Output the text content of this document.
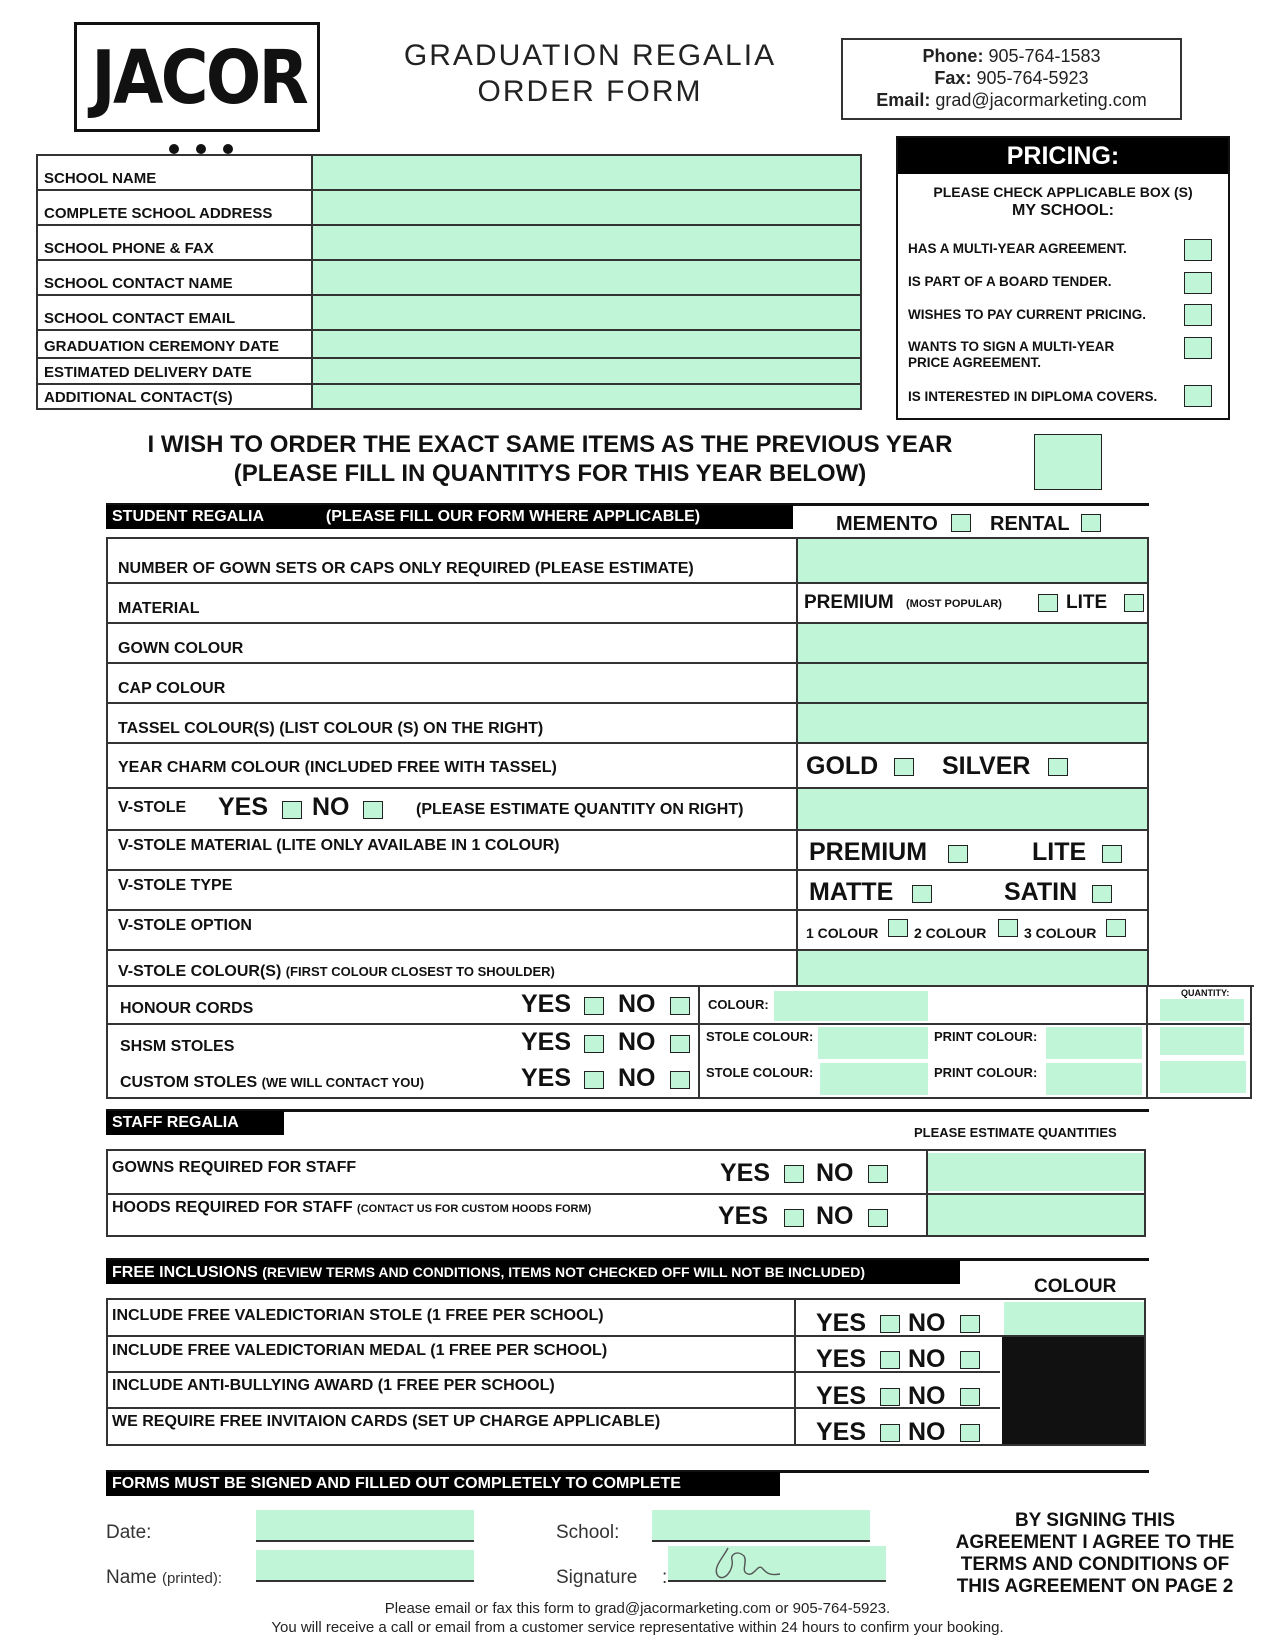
JACOR	GRADUATION REGALIA
ORDER FORM
Phone: 905-764-1583
Fax: 905-764-5923
Email: grad@jacormarketing.com
SCHOOL NAME
COMPLETE SCHOOL ADDRESS
SCHOOL PHONE & FAX
SCHOOL CONTACT NAME
SCHOOL CONTACT EMAIL
GRADUATION CEREMONY DATE
ESTIMATED DELIVERY DATE
ADDITIONAL CONTACT(S)
PRICING:
PLEASE CHECK APPLICABLE BOX (S)
MY SCHOOL:
HAS A MULTI-YEAR AGREEMENT.
IS PART OF A BOARD TENDER.
WISHES TO PAY CURRENT PRICING.
WANTS TO SIGN A MULTI-YEAR PRICE AGREEMENT.
IS INTERESTED IN DIPLOMA COVERS.
I WISH TO ORDER THE EXACT SAME ITEMS AS THE PREVIOUS YEAR
(PLEASE FILL IN QUANTITYS FOR THIS YEAR BELOW)
STUDENT REGALIA	(PLEASE FILL OUR FORM WHERE APPLICABLE)	MEMENTO	RENTAL
NUMBER OF GOWN SETS OR CAPS ONLY REQUIRED (PLEASE ESTIMATE)
MATERIAL	PREMIUM (MOST POPULAR)	LITE
GOWN COLOUR
CAP COLOUR
TASSEL COLOUR(S) (LIST COLOUR (S) ON THE RIGHT)
YEAR CHARM COLOUR (INCLUDED FREE WITH TASSEL)	GOLD	SILVER
V-STOLE YES NO	(PLEASE ESTIMATE QUANTITY ON RIGHT)
V-STOLE MATERIAL (LITE ONLY AVAILABE IN 1 COLOUR)	PREMIUM	LITE
V-STOLE TYPE	MATTE	SATIN
V-STOLE OPTION	1 COLOUR	2 COLOUR	3 COLOUR
V-STOLE COLOUR(S) (FIRST COLOUR CLOSEST TO SHOULDER)
QUANTITY:
HONOUR CORDS	YES NO	COLOUR:
SHSM STOLES	YES NO	STOLE COLOUR:	PRINT COLOUR:
CUSTOM STOLES (WE WILL CONTACT YOU)	YES NO	STOLE COLOUR:	PRINT COLOUR:
STAFF REGALIA
PLEASE ESTIMATE QUANTITIES
GOWNS REQUIRED FOR STAFF	YES NO
HOODS REQUIRED FOR STAFF (CONTACT US FOR CUSTOM HOODS FORM)	YES NO
FREE INCLUSIONS (REVIEW TERMS AND CONDITIONS, ITEMS NOT CHECKED OFF WILL NOT BE INCLUDED)
COLOUR
INCLUDE FREE VALEDICTORIAN STOLE (1 FREE PER SCHOOL)	YES NO
INCLUDE FREE VALEDICTORIAN MEDAL (1 FREE PER SCHOOL)	YES NO
INCLUDE ANTI-BULLYING AWARD (1 FREE PER SCHOOL)	YES NO
WE REQUIRE FREE INVITAION CARDS (SET UP CHARGE APPLICABLE)	YES NO
FORMS MUST BE SIGNED AND FILLED OUT COMPLETELY TO COMPLETE
Date:
Name (printed):
School:
Signature :
BY SIGNING THIS
AGREEMENT I AGREE TO THE
TERMS AND CONDITIONS OF
THIS AGREEMENT ON PAGE 2
Please email or fax this form to grad@jacormarketing.com or 905-764-5923.
You will receive a call or email from a customer service representative within 24 hours to confirm your booking.
